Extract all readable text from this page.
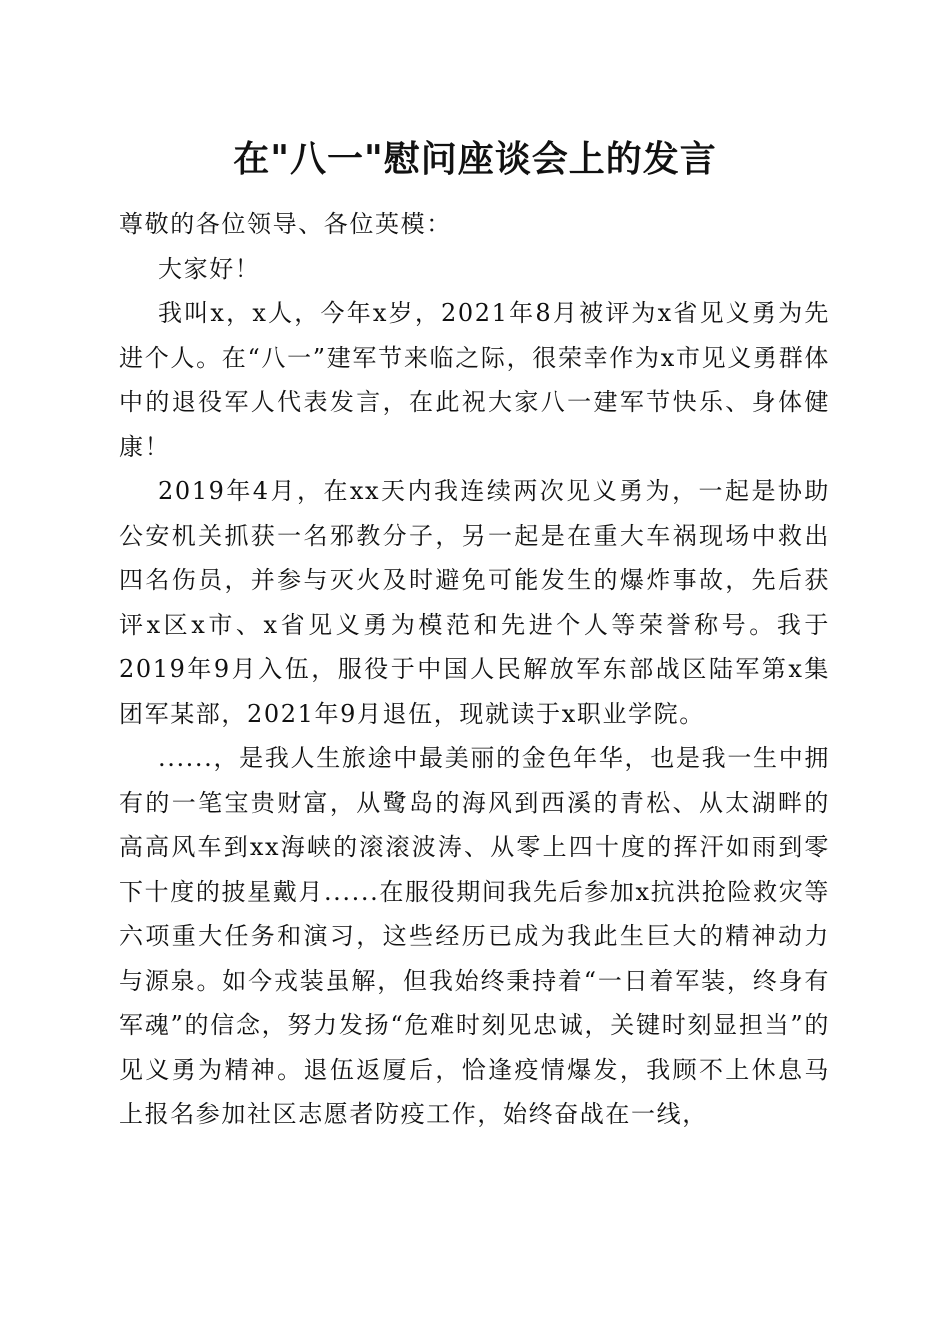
在"八一"慰问座谈会上的发言

尊敬的各位领导、各位英模：

大家好！

我叫x，x人，今年x岁，2021年8月被评为x省见义勇为先进个人。在“八一”建军节来临之际，很荣幸作为x市见义勇群体中的退役军人代表发言，在此祝大家八一建军节快乐、身体健康！

2019年4月，在xx天内我连续两次见义勇为，一起是协助公安机关抓获一名邪教分子，另一起是在重大车祸现场中救出四名伤员，并参与灭火及时避免可能发生的爆炸事故，先后获评x区x市、x省见义勇为模范和先进个人等荣誉称号。我于2019年9月入伍，服役于中国人民解放军东部战区陆军第x集团军某部，2021年9月退伍，现就读于x职业学院。

......，是我人生旅途中最美丽的金色年华，也是我一生中拥有的一笔宝贵财富，从鹭岛的海风到西溪的青松、从太湖畔的高高风车到xx海峡的滚滚波涛、从零上四十度的挥汗如雨到零下十度的披星戴月......在服役期间我先后参加x抗洪抢险救灾等六项重大任务和演习，这些经历已成为我此生巨大的精神动力与源泉。如今戎装虽解，但我始终秉持着“一日着军装，终身有军魂”的信念，努力发扬“危难时刻见忠诚，关键时刻显担当”的见义勇为精神。退伍返厦后，恰逢疫情爆发，我顾不上休息马上报名参加社区志愿者防疫工作，始终奋战在一线，
